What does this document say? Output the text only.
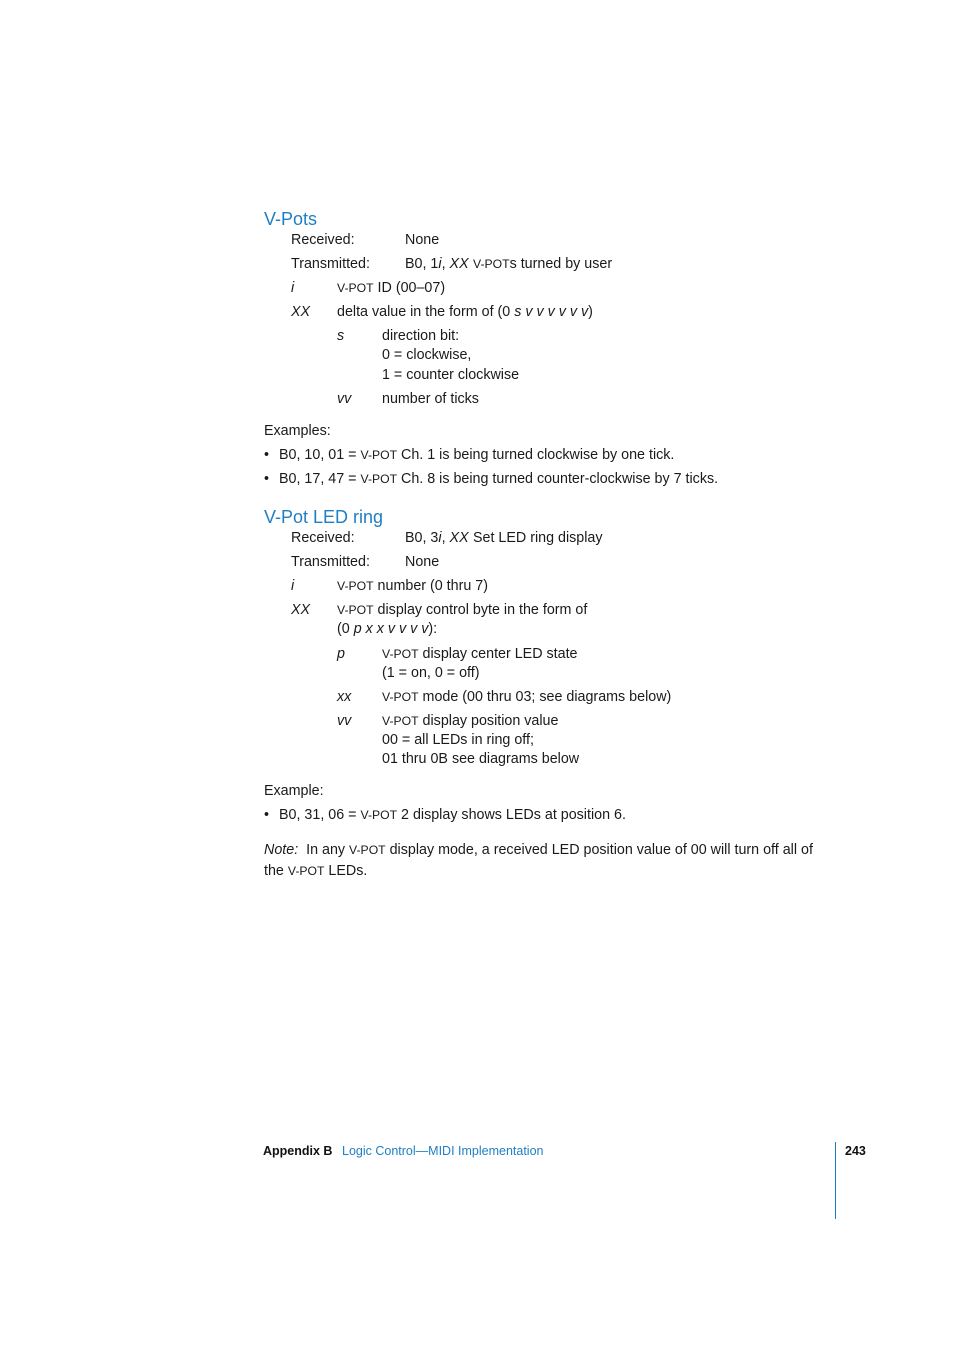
V-Pots
Received:	None
Transmitted: B0, 1i, XX V-POTs turned by user
i	V-POT ID (00–07)
XX delta value in the form of (0 s v v v v v v)
s	direction bit:
0 = clockwise,
1 = counter clockwise
vv number of ticks
Examples:
• B0, 10, 01 = V-POT Ch. 1 is being turned clockwise by one tick.
• B0, 17, 47 = V-POT Ch. 8 is being turned counter-clockwise by 7 ticks.
V-Pot LED ring
Received:	B0, 3i, XX Set LED ring display
Transmitted: None
i	V-POT number (0 thru 7)
XX V-POT display control byte in the form of
(0 p x x v v v v):
p	V-POT display center LED state
(1 = on, 0 = off)
xx	V-POT mode (00 thru 03; see diagrams below)
vv	V-POT display position value
00 = all LEDs in ring off;
01 thru 0B see diagrams below
Example:
• B0, 31, 06 = V-POT 2 display shows LEDs at position 6.
Note: In any V-POT display mode, a received LED position value of 00 will turn off all of
the V-POT LEDs.
Appendix B Logic Control—MIDI Implementation	243
